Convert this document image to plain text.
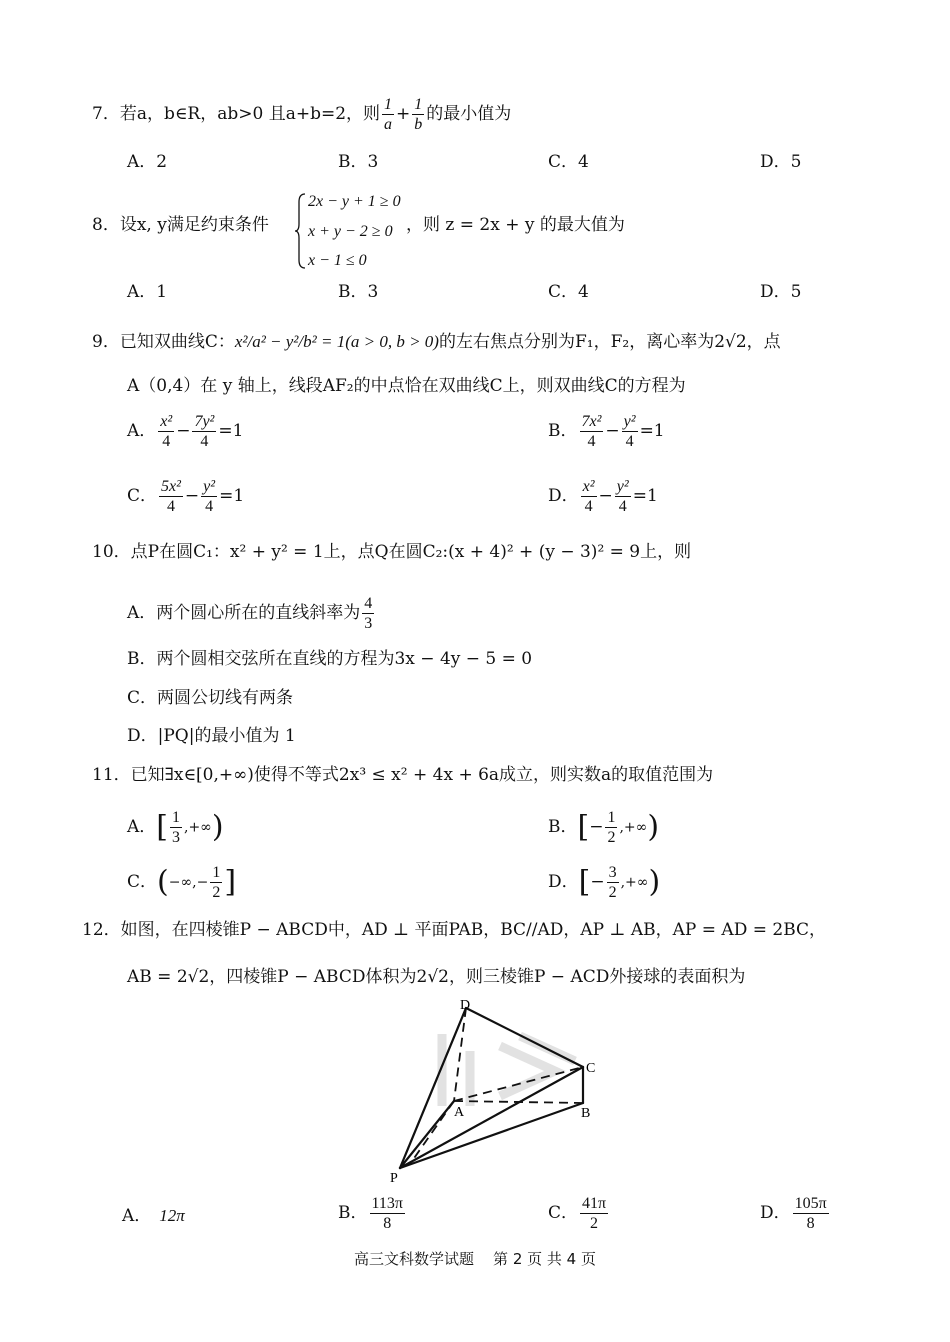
7．若a，b∈R，ab>0 且a+b=2，则 $\frac{1}{a} + \frac{1}{b}$ 的最小值为
A．2	B．3	C．4	D．5
8．设x, y满足约束条件
2x − y + 1 ≥ 0
x + y − 2 ≥ 0
x − 1 ≤ 0
，则 z = 2x + y 的最大值为
A．1	B．3	C．4	D．5
9．已知双曲线C：x²/a² − y²/b² = 1(a > 0, b > 0)的左右焦点分别为F₁，F₂，离心率为2√2，点
A（0,4）在 y 轴上，线段AF₂的中点恰在双曲线C上，则双曲线C的方程为
A． $\frac{\text{x²}}{4} - \frac{\text{7y²}}{4} =1$	B． $\frac{\text{7x²}}{4} - \frac{\text{y²}}{4} =1$
C． $\frac{\text{5x²}}{4} - \frac{\text{y²}}{4} =1$	D． $\frac{\text{x²}}{4} - \frac{\text{y²}}{4} =1$
10．点P在圆C₁：x² + y² = 1上，点Q在圆C₂:(x + 4)² + (y − 3)² = 9上，则
A．两个圆心所在的直线斜率为 $\frac{4}{3}$
B．两个圆相交弦所在直线的方程为3x − 4y − 5 = 0
C．两圆公切线有两条
D．|PQ|的最小值为 1
11．已知∃x∈[0,+∞)使得不等式2x³ ≤ x² + 4x + 6a成立，则实数a的取值范围为
A．[ $\frac{1}{3}$ ,+∞)	B．[− $\frac{1}{2}$ ,+∞)
C．(−∞,− $\frac{1}{2}$ ]	D．[− $\frac{3}{2}$ ,+∞)
12．如图，在四棱锥P − ABCD中，AD ⊥ 平面PAB，BC//AD，AP ⊥ AB，AP = AD = 2BC，
AB = 2√2，四棱锥P − ABCD体积为2√2，则三棱锥P − ACD外接球的表面积为
D
C
A	B
P
A． 12π	B． $\frac{113\pi}{8}$	C． $\frac{41\pi}{2}$	D． $\frac{105\pi}{8}$
高三文科数学试题    第 2 页 共 4 页
